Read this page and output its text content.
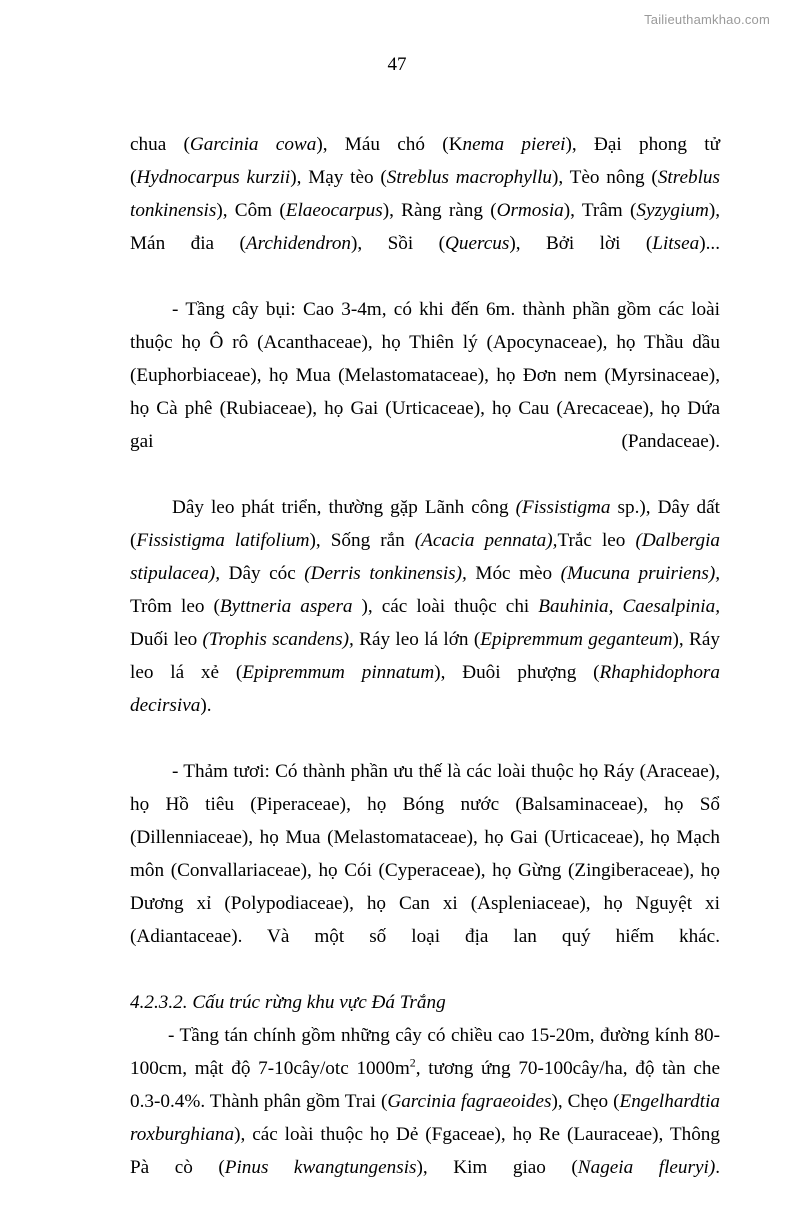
Tailieuthamkhao.com
47

chua (Garcinia cowa), Máu chó (Knema pierei), Đại phong tử (Hydnocarpus kurzii), Mạy tèo (Streblus macrophyllu), Tèo nông (Streblus tonkinensis), Côm (Elaeocarpus), Ràng ràng (Ormosia), Trâm (Syzygium), Mán đia (Archidendron), Sồi (Quercus), Bởi lời (Litsea)...

- Tầng cây bụi: Cao 3-4m, có khi đến 6m. thành phần gồm các loài thuộc họ Ô rô (Acanthaceae), họ Thiên lý (Apocynaceae), họ Thầu dầu (Euphorbiaceae), họ Mua (Melastomataceae), họ Đơn nem (Myrsinaceae), họ Cà phê (Rubiaceae), họ Gai (Urticaceae), họ Cau (Arecaceae), họ Dứa gai (Pandaceae).

Dây leo phát triển, thường gặp Lãnh công (Fissistigma sp.), Dây dất (Fissistigma latifolium), Sống rắn (Acacia pennata),Trắc leo (Dalbergia stipulacea), Dây cóc (Derris tonkinensis), Móc mèo (Mucuna pruiriens), Trôm leo (Byttneria aspera ), các loài thuộc chi Bauhinia, Caesalpinia, Duối leo (Trophis scandens), Ráy leo lá lớn (Epipremmum geganteum), Ráy leo lá xẻ (Epipremmum pinnatum), Đuôi phượng (Rhaphidophora decirsiva).

- Thảm tươi: Có thành phần ưu thế là các loài thuộc họ Ráy (Araceae), họ Hồ tiêu (Piperaceae), họ Bóng nước (Balsaminaceae), họ Sổ (Dillenniaceae), họ Mua (Melastomataceae), họ Gai (Urticaceae), họ Mạch môn (Convallariaceae), họ Cói (Cyperaceae), họ Gừng (Zingiberaceae), họ Dương xỉ (Polypodiaceae), họ Can xi (Aspleniaceae), họ Nguyệt xi (Adiantaceae). Và một số loại địa lan quý hiếm khác.

4.2.3.2. Cấu trúc rừng khu vực Đá Trắng

- Tầng tán chính gồm những cây có chiều cao 15-20m, đường kính 80-100cm, mật độ 7-10cây/otc $1000m^2$, tương ứng 70-100cây/ha, độ tàn che 0.3-0.4%. Thành phân gồm Trai (Garcinia fagraeoides), Chẹo (Engelhardtia roxburghiana), các loài thuộc họ Dẻ (Fgaceae), họ Re (Lauraceae), Thông Pà cò (Pinus kwangtungensis), Kim giao (Nageia fleuryi).
